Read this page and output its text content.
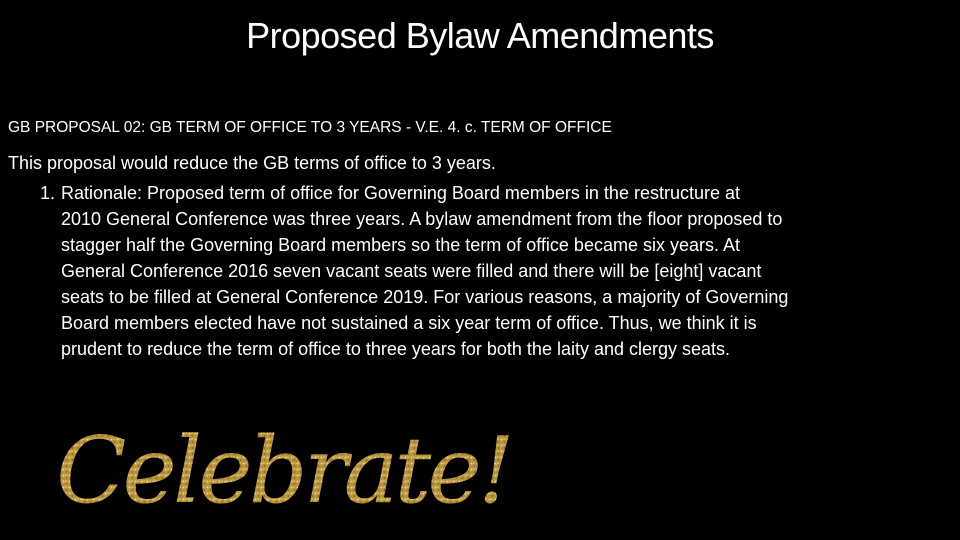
Proposed Bylaw Amendments
GB PROPOSAL 02: GB TERM OF OFFICE TO 3 YEARS - V.E. 4. c. TERM OF OFFICE
This proposal would reduce the GB terms of office to 3 years.
1. Rationale: Proposed term of office for Governing Board members in the restructure at
2010 General Conference was three years. A bylaw amendment from the floor proposed to
stagger half the Governing Board members so the term of office became six years. At
General Conference 2016 seven vacant seats were filled and there will be [eight] vacant
seats to be filled at General Conference 2019. For various reasons, a majority of Governing
Board members elected have not sustained a six year term of office. Thus, we think it is
prudent to reduce the term of office to three years for both the laity and clergy seats.
Celebrate!
